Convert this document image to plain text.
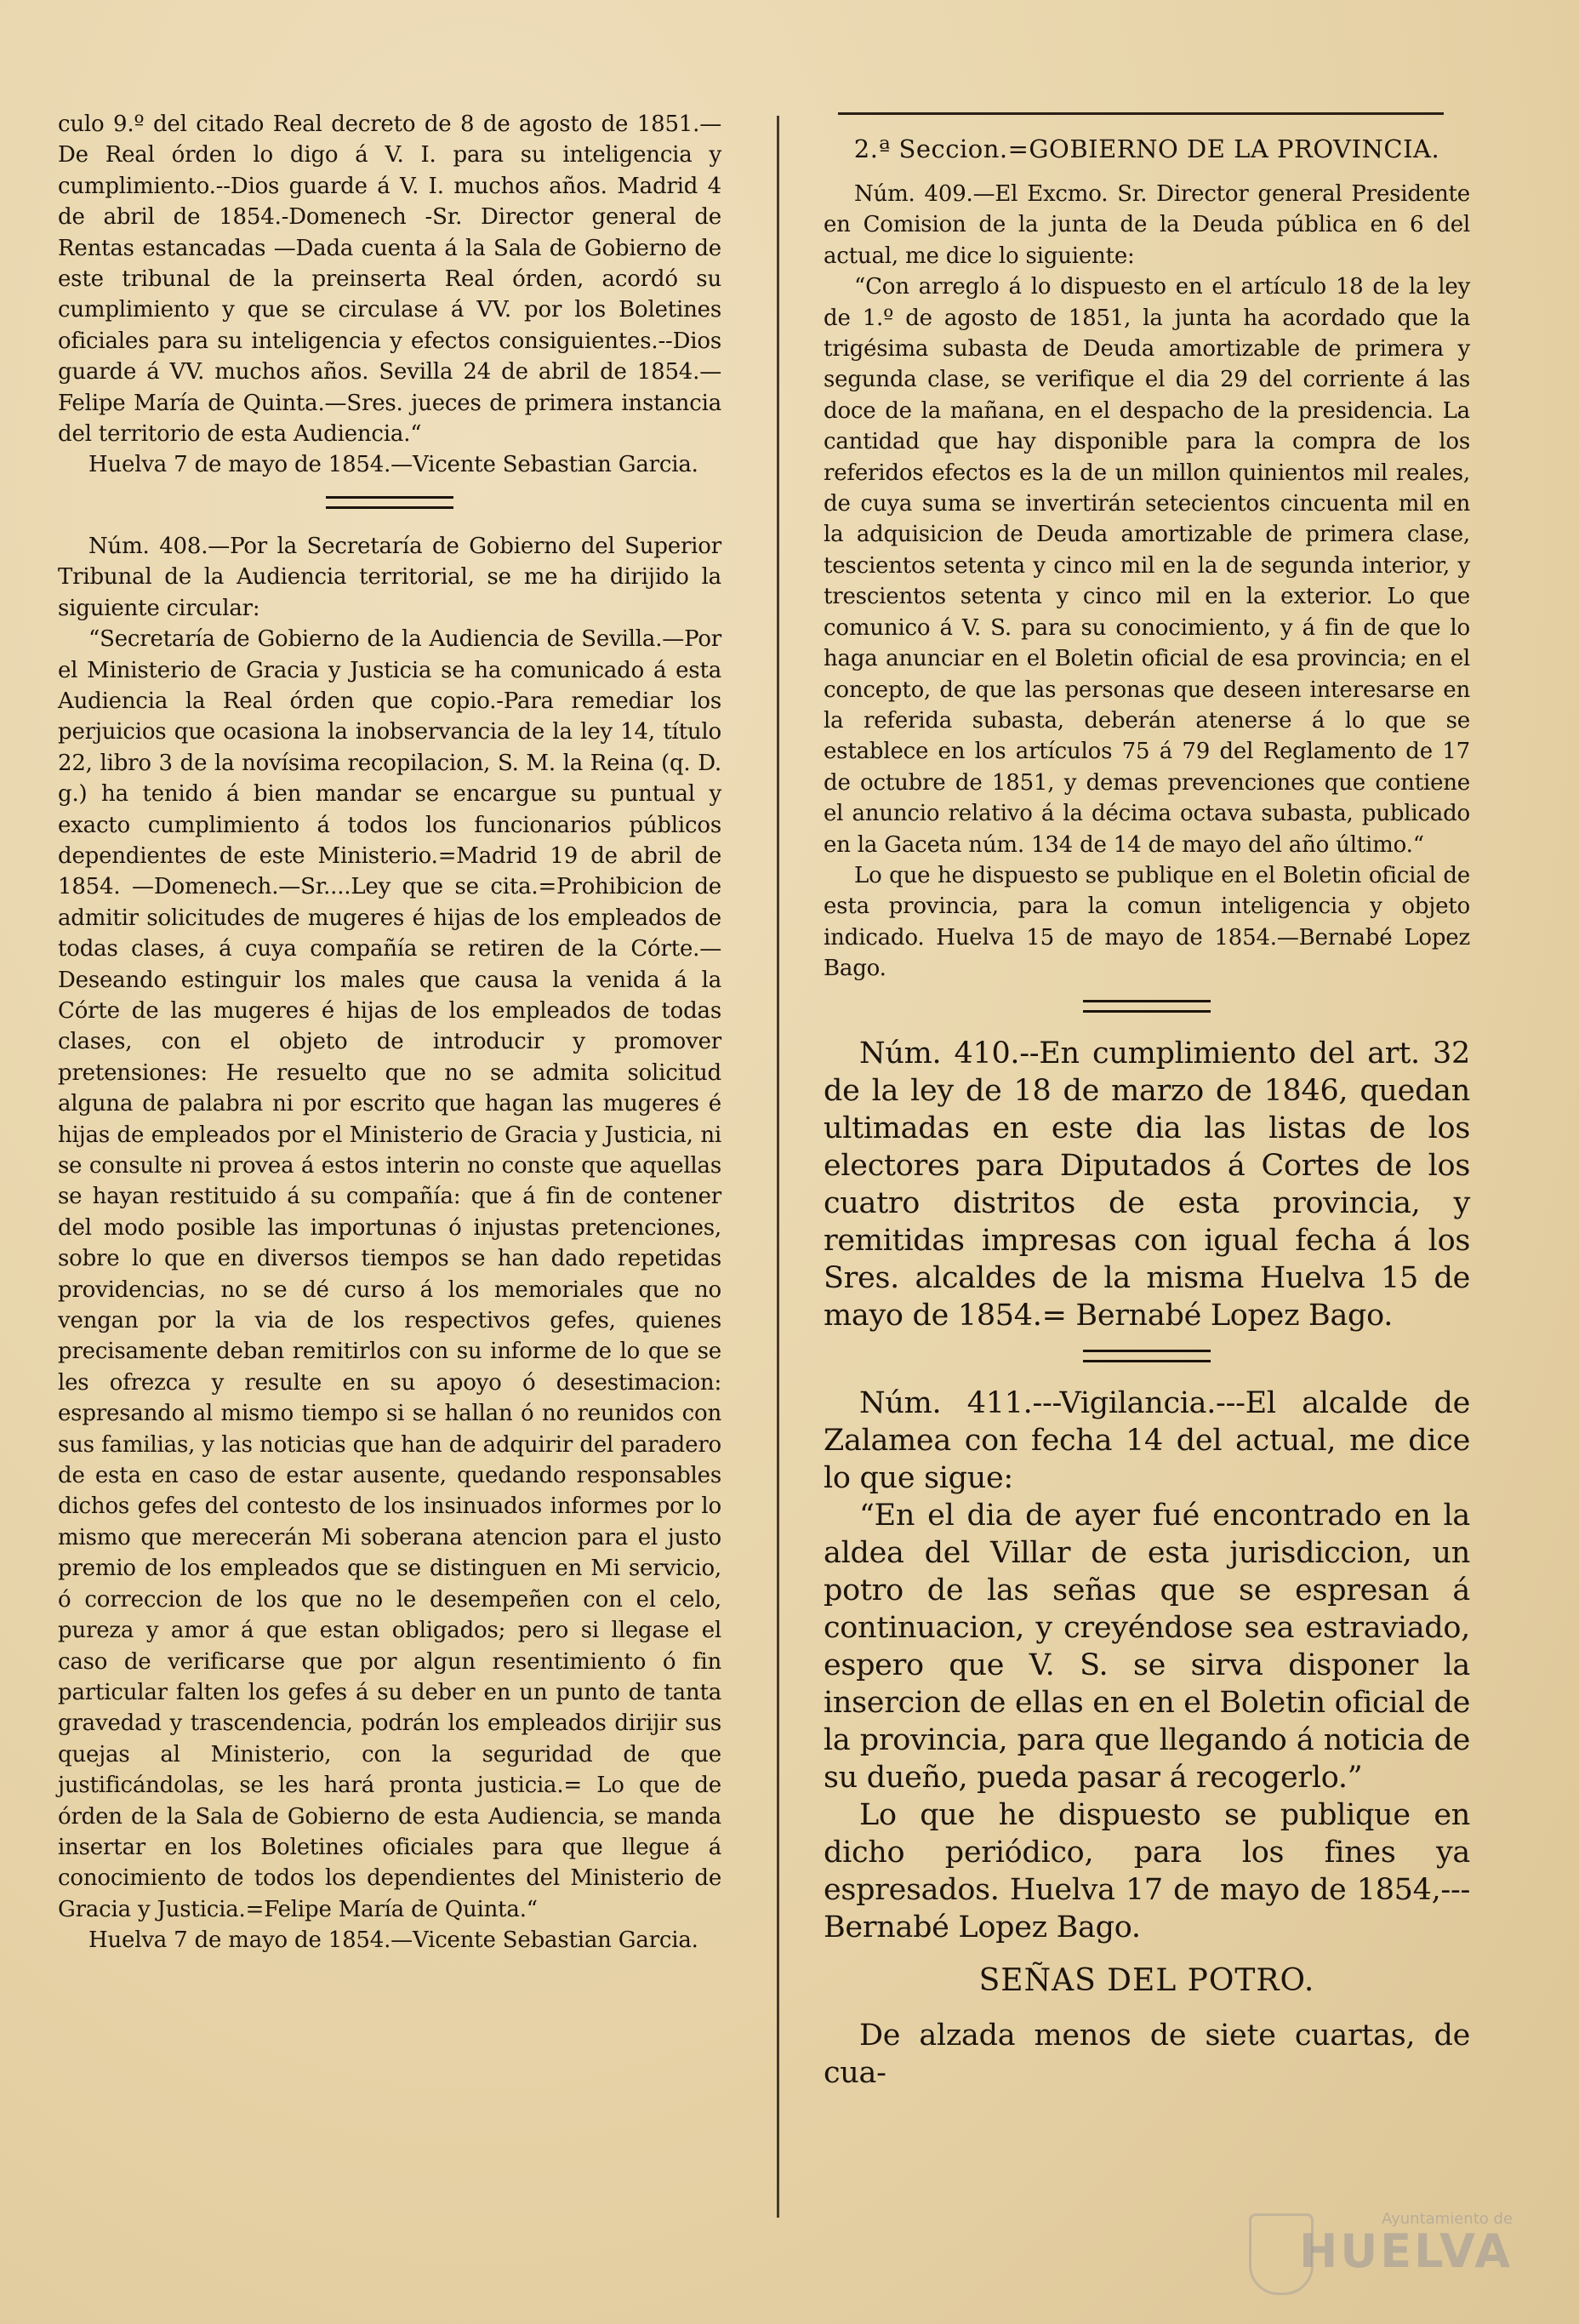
culo 9.º del citado Real decreto de 8 de agosto de 1851.—De Real órden lo digo á V. I. para su inteligencia y cumplimiento.--Dios guarde á V. I. muchos años. Madrid 4 de abril de 1854.-Domenech -Sr. Director general de Rentas estancadas —Dada cuenta á la Sala de Gobierno de este tribunal de la preinserta Real órden, acordó su cumplimiento y que se circulase á VV. por los Boletines oficiales para su inteligencia y efectos consiguientes.--Dios guarde á VV. muchos años. Sevilla 24 de abril de 1854.—Felipe María de Quinta.—Sres. jueces de primera instancia del territorio de esta Audiencia.“

Huelva 7 de mayo de 1854.—Vicente Sebastian Garcia.

Núm. 408.—Por la Secretaría de Gobierno del Superior Tribunal de la Audiencia territorial, se me ha dirijido la siguiente circular:

“Secretaría de Gobierno de la Audiencia de Sevilla.—Por el Ministerio de Gracia y Justicia se ha comunicado á esta Audiencia la Real órden que copio.-Para remediar los perjuicios que ocasiona la inobservancia de la ley 14, título 22, libro 3 de la novísima recopilacion, S. M. la Reina (q. D. g.) ha tenido á bien mandar se encargue su puntual y exacto cumplimiento á todos los funcionarios públicos dependientes de este Ministerio.=Madrid 19 de abril de 1854. —Domenech.—Sr....Ley que se cita.=Prohibicion de admitir solicitudes de mugeres é hijas de los empleados de todas clases, á cuya compañía se retiren de la Córte.—Deseando estinguir los males que causa la venida á la Córte de las mugeres é hijas de los empleados de todas clases, con el objeto de introducir y promover pretensiones: He resuelto que no se admita solicitud alguna de palabra ni por escrito que hagan las mugeres é hijas de empleados por el Ministerio de Gracia y Justicia, ni se consulte ni provea á estos interin no conste que aquellas se hayan restituido á su compañía: que á fin de contener del modo posible las importunas ó injustas pretenciones, sobre lo que en diversos tiempos se han dado repetidas providencias, no se dé curso á los memoriales que no vengan por la via de los respectivos gefes, quienes precisamente deban remitirlos con su informe de lo que se les ofrezca y resulte en su apoyo ó desestimacion: espresando al mismo tiempo si se hallan ó no reunidos con sus familias, y las noticias que han de adquirir del paradero de esta en caso de estar ausente, quedando responsables dichos gefes del contesto de los insinuados informes por lo mismo que merecerán Mi soberana atencion para el justo premio de los empleados que se distinguen en Mi servicio, ó correccion de los que no le desempeñen con el celo, pureza y amor á que estan obligados; pero si llegase el caso de verificarse que por algun resentimiento ó fin particular falten los gefes á su deber en un punto de tanta gravedad y trascendencia, podrán los empleados dirijir sus quejas al Ministerio, con la seguridad de que justificándolas, se les hará pronta justicia.= Lo que de órden de la Sala de Gobierno de esta Audiencia, se manda insertar en los Boletines oficiales para que llegue á conocimiento de todos los dependientes del Ministerio de Gracia y Justicia.=Felipe María de Quinta.“

Huelva 7 de mayo de 1854.—Vicente Sebastian Garcia.

2.ª Seccion.=GOBIERNO DE LA PROVINCIA.

Núm. 409.—El Excmo. Sr. Director general Presidente en Comision de la junta de la Deuda pública en 6 del actual, me dice lo siguiente:

“Con arreglo á lo dispuesto en el artículo 18 de la ley de 1.º de agosto de 1851, la junta ha acordado que la trigésima subasta de Deuda amortizable de primera y segunda clase, se verifique el dia 29 del corriente á las doce de la mañana, en el despacho de la presidencia. La cantidad que hay disponible para la compra de los referidos efectos es la de un millon quinientos mil reales, de cuya suma se invertirán setecientos cincuenta mil en la adquisicion de Deuda amortizable de primera clase, tescientos setenta y cinco mil en la de segunda interior, y trescientos setenta y cinco mil en la exterior. Lo que comunico á V. S. para su conocimiento, y á fin de que lo haga anunciar en el Boletin oficial de esa provincia; en el concepto, de que las personas que deseen interesarse en la referida subasta, deberán atenerse á lo que se establece en los artículos 75 á 79 del Reglamento de 17 de octubre de 1851, y demas prevenciones que contiene el anuncio relativo á la décima octava subasta, publicado en la Gaceta núm. 134 de 14 de mayo del año último.“

Lo que he dispuesto se publique en el Boletin oficial de esta provincia, para la comun inteligencia y objeto indicado. Huelva 15 de mayo de 1854.—Bernabé Lopez Bago.

Núm. 410.--En cumplimiento del art. 32 de la ley de 18 de marzo de 1846, quedan ultimadas en este dia las listas de los electores para Diputados á Cortes de los cuatro distritos de esta provincia, y remitidas impresas con igual fecha á los Sres. alcaldes de la misma Huelva 15 de mayo de 1854.= Bernabé Lopez Bago.

Núm. 411.---Vigilancia.---El alcalde de Zalamea con fecha 14 del actual, me dice lo que sigue:

“En el dia de ayer fué encontrado en la aldea del Villar de esta jurisdiccion, un potro de las señas que se espresan á continuacion, y creyéndose sea estraviado, espero que V. S. se sirva disponer la insercion de ellas en en el Boletin oficial de la provincia, para que llegando á noticia de su dueño, pueda pasar á recogerlo.”

Lo que he dispuesto se publique en dicho periódico, para los fines ya espresados. Huelva 17 de mayo de 1854,---Bernabé Lopez Bago.

SEÑAS DEL POTRO.

De alzada menos de siete cuartas, de cua-

Ayuntamiento de
HUELVA
